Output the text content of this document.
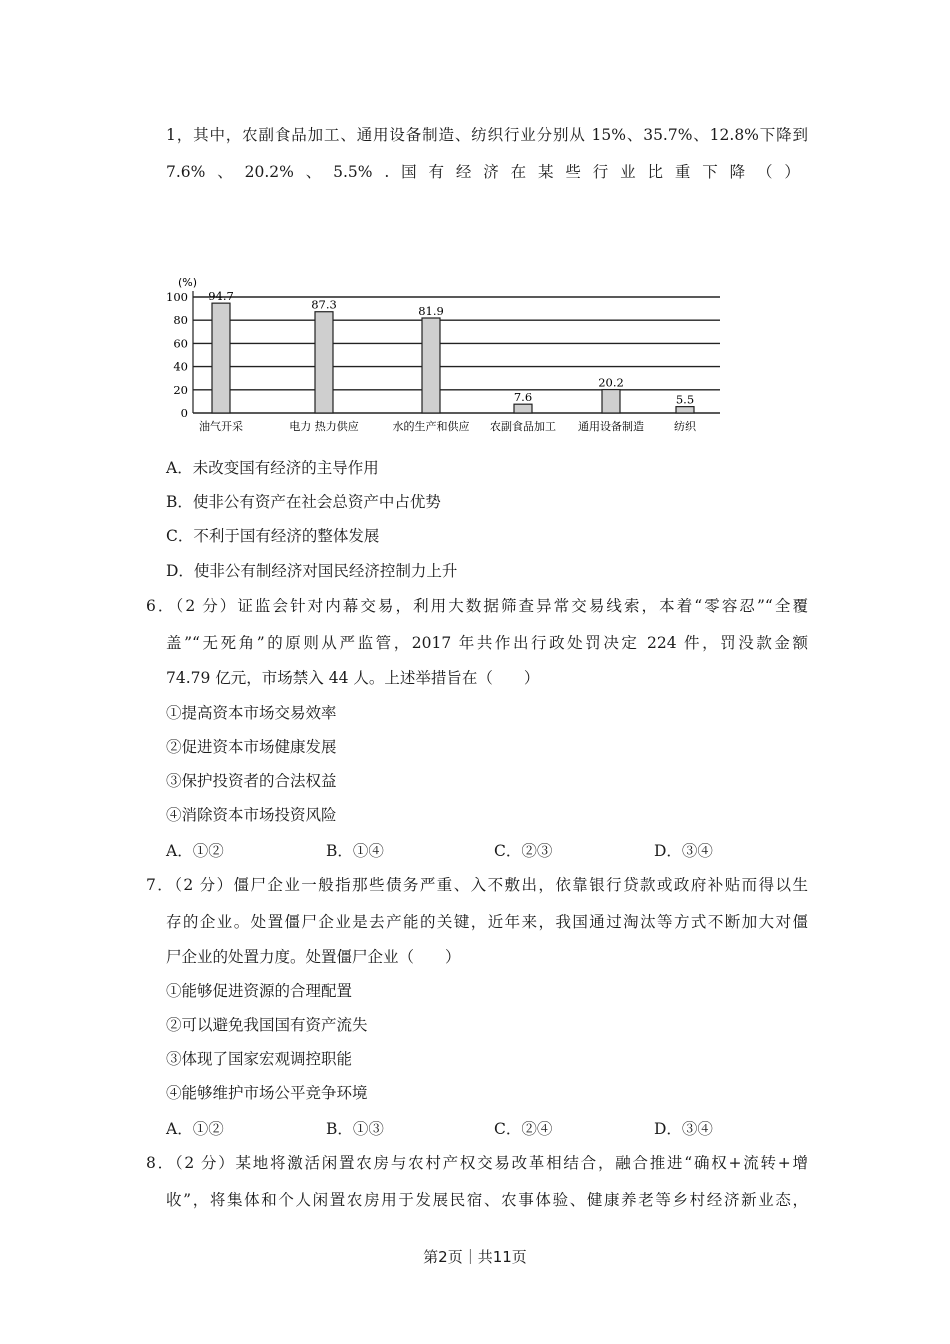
1，其中，农副食品加工、通用设备制造、纺织行业分别从 15%、35.7%、12.8%下降到
7.6% 、 20.2% 、 5.5% . 国 有 经 济 在 某 些 行 业 比 重 下 降 （ ）
(%)
0
20
40
60
80
100 94.7
油气开采
87.3
电力 热力供应
81.9
水的生产和供应
7.6
农副食品加工
20.2
通用设备制造
5.5
纺织
A．未改变国有经济的主导作用
B．使非公有资产在社会总资产中占优势
C．不利于国有经济的整体发展
D．使非公有制经济对国民经济控制力上升
6．（2 分）证监会针对内幕交易，利用大数据筛查异常交易线索，本着“零容忍”“全覆
盖”“无死角”的原则从严监管，2017 年共作出行政处罚决定 224 件，罚没款金额
74.79 亿元，市场禁入 44 人。上述举措旨在（　　）
①提高资本市场交易效率
②促进资本市场健康发展
③保护投资者的合法权益
④消除资本市场投资风险
A．①②	B．①④	C．②③	D．③④
7．（2 分）僵尸企业一般指那些债务严重、入不敷出，依靠银行贷款或政府补贴而得以生
存的企业。处置僵尸企业是去产能的关键，近年来，我国通过淘汰等方式不断加大对僵
尸企业的处置力度。处置僵尸企业（　　）
①能够促进资源的合理配置
②可以避免我国国有资产流失
③体现了国家宏观调控职能
④能够维护市场公平竞争环境
A．①②	B．①③	C．②④	D．③④
8．（2 分）某地将激活闲置农房与农村产权交易改革相结合，融合推进“确权+流转+增
收”，将集体和个人闲置农房用于发展民宿、农事体验、健康养老等乡村经济新业态，
第2页｜共11页
